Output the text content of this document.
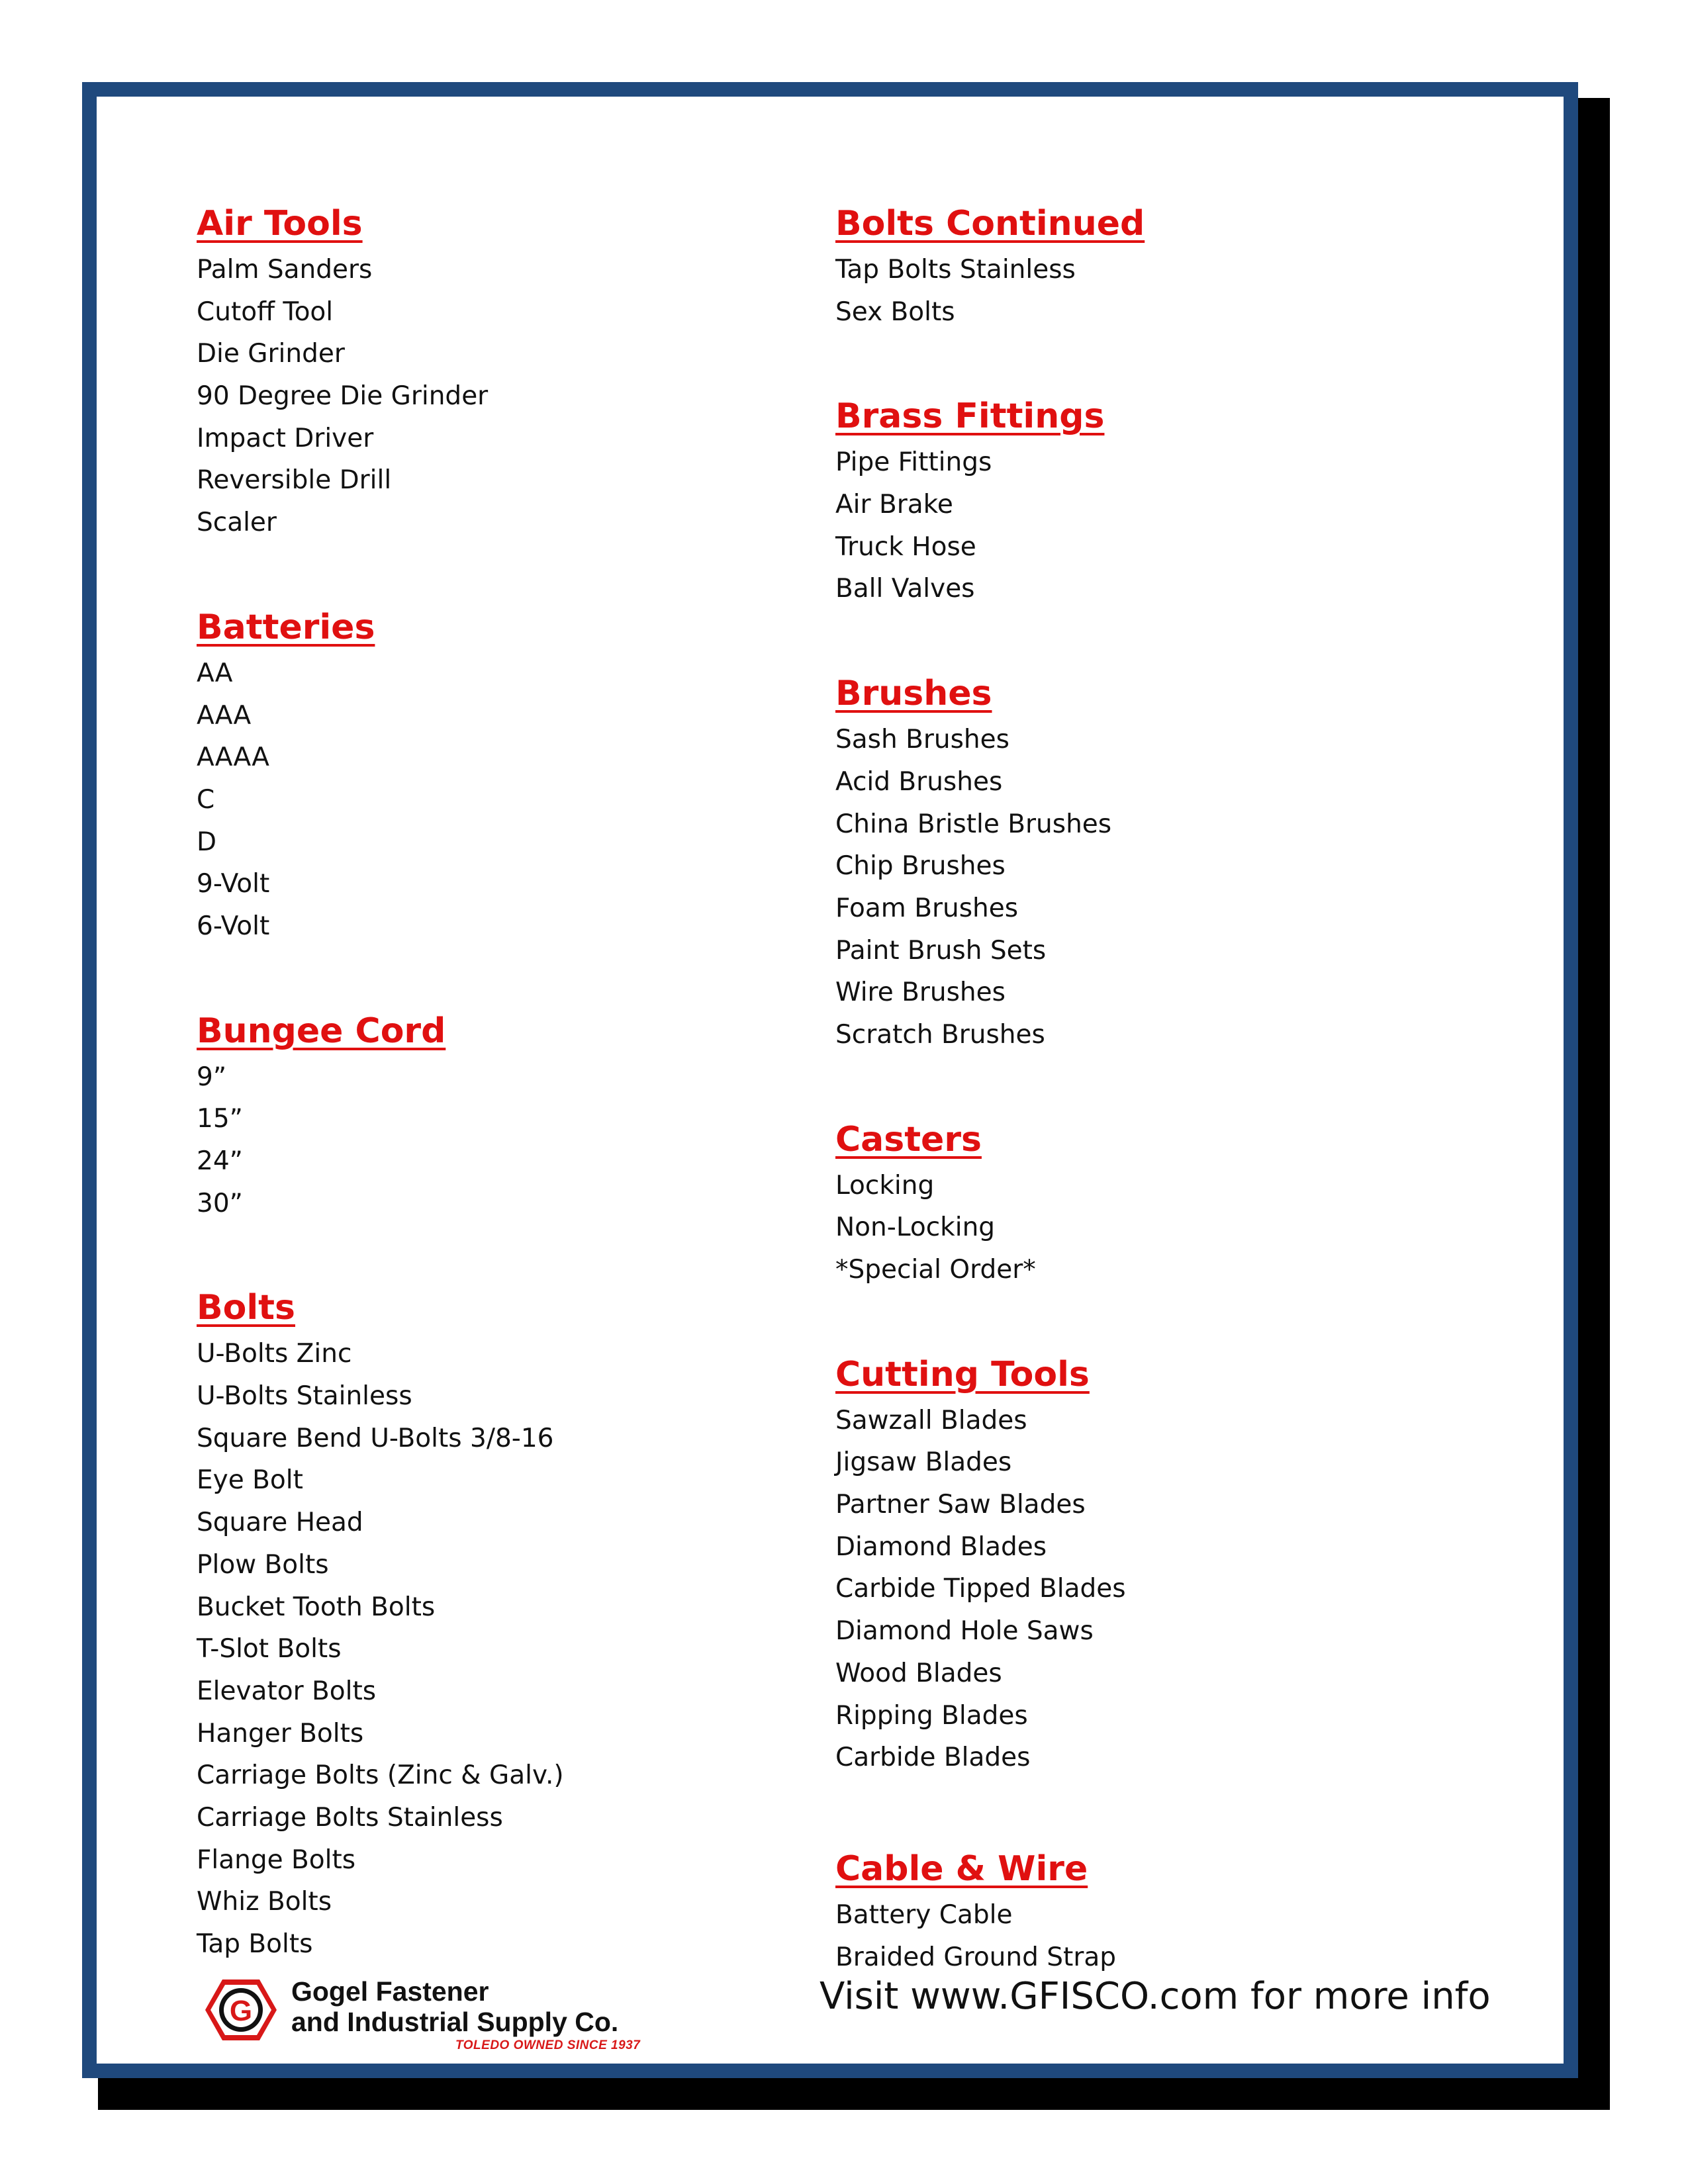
Air Tools
Palm Sanders
Cutoff Tool
Die Grinder
90 Degree Die Grinder
Impact Driver
Reversible Drill
Scaler
Batteries
AA
AAA
AAAA
C
D
9-Volt
6-Volt
Bungee Cord
9”
15”
24”
30”
Bolts
U-Bolts Zinc
U-Bolts Stainless
Square Bend U-Bolts 3/8-16
Eye Bolt
Square Head
Plow Bolts
Bucket Tooth Bolts
T-Slot Bolts
Elevator Bolts
Hanger Bolts
Carriage Bolts (Zinc & Galv.)
Carriage Bolts Stainless
Flange Bolts
Whiz Bolts
Tap Bolts
Bolts Continued
Tap Bolts Stainless
Sex Bolts
Brass Fittings
Pipe Fittings
Air Brake
Truck Hose
Ball Valves
Brushes
Sash Brushes
Acid Brushes
China Bristle Brushes
Chip Brushes
Foam Brushes
Paint Brush Sets
Wire Brushes
Scratch Brushes
Casters
Locking
Non-Locking
*Special Order*
Cutting Tools
Sawzall Blades
Jigsaw Blades
Partner Saw Blades
Diamond Blades
Carbide Tipped Blades
Diamond Hole Saws
Wood Blades
Ripping Blades
Carbide Blades
Cable & Wire
Battery Cable
Braided Ground Strap
G
Gogel Fastener
and Industrial Supply Co.
TOLEDO OWNED SINCE 1937
Visit www.GFISCO.com for more info
